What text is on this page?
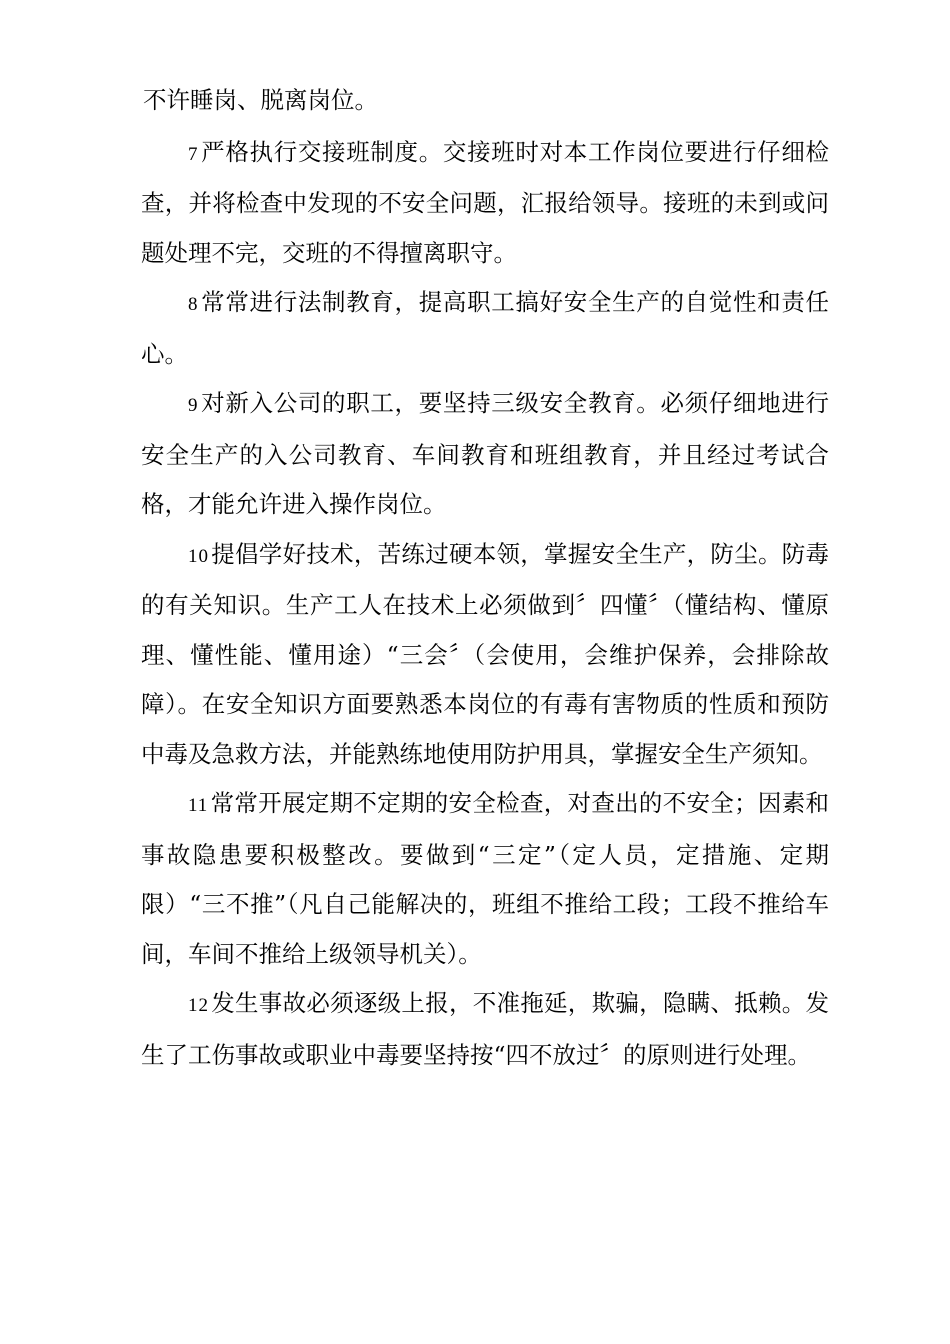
不许睡岗、脱离岗位。

7严格执行交接班制度。交接班时对本工作岗位要进行仔细检查，并将检查中发现的不安全问题，汇报给领导。接班的未到或问题处理不完，交班的不得擅离职守。

8常常进行法制教育，提高职工搞好安全生产的自觉性和责任心。

9对新入公司的职工，要坚持三级安全教育。必须仔细地进行安全生产的入公司教育、车间教育和班组教育，并且经过考试合格，才能允许进入操作岗位。

10提倡学好技术，苦练过硬本领，掌握安全生产，防尘。防毒的有关知识。生产工人在技术上必须做到〞四懂〞（懂结构、懂原理、懂性能、懂用途）“三会〞（会使用，会维护保养，会排除故障）。在安全知识方面要熟悉本岗位的有毒有害物质的性质和预防中毒及急救方法，并能熟练地使用防护用具，掌握安全生产须知。

11常常开展定期不定期的安全检查，对查出的不安全；因素和事故隐患要积极整改。要做到“三定”（定人员，定措施、定期限）“三不推”（凡自己能解决的，班组不推给工段；工段不推给车间，车间不推给上级领导机关）。

12发生事故必须逐级上报，不准拖延，欺骗，隐瞒、抵赖。发生了工伤事故或职业中毒要坚持按“四不放过〞的原则进行处理。
